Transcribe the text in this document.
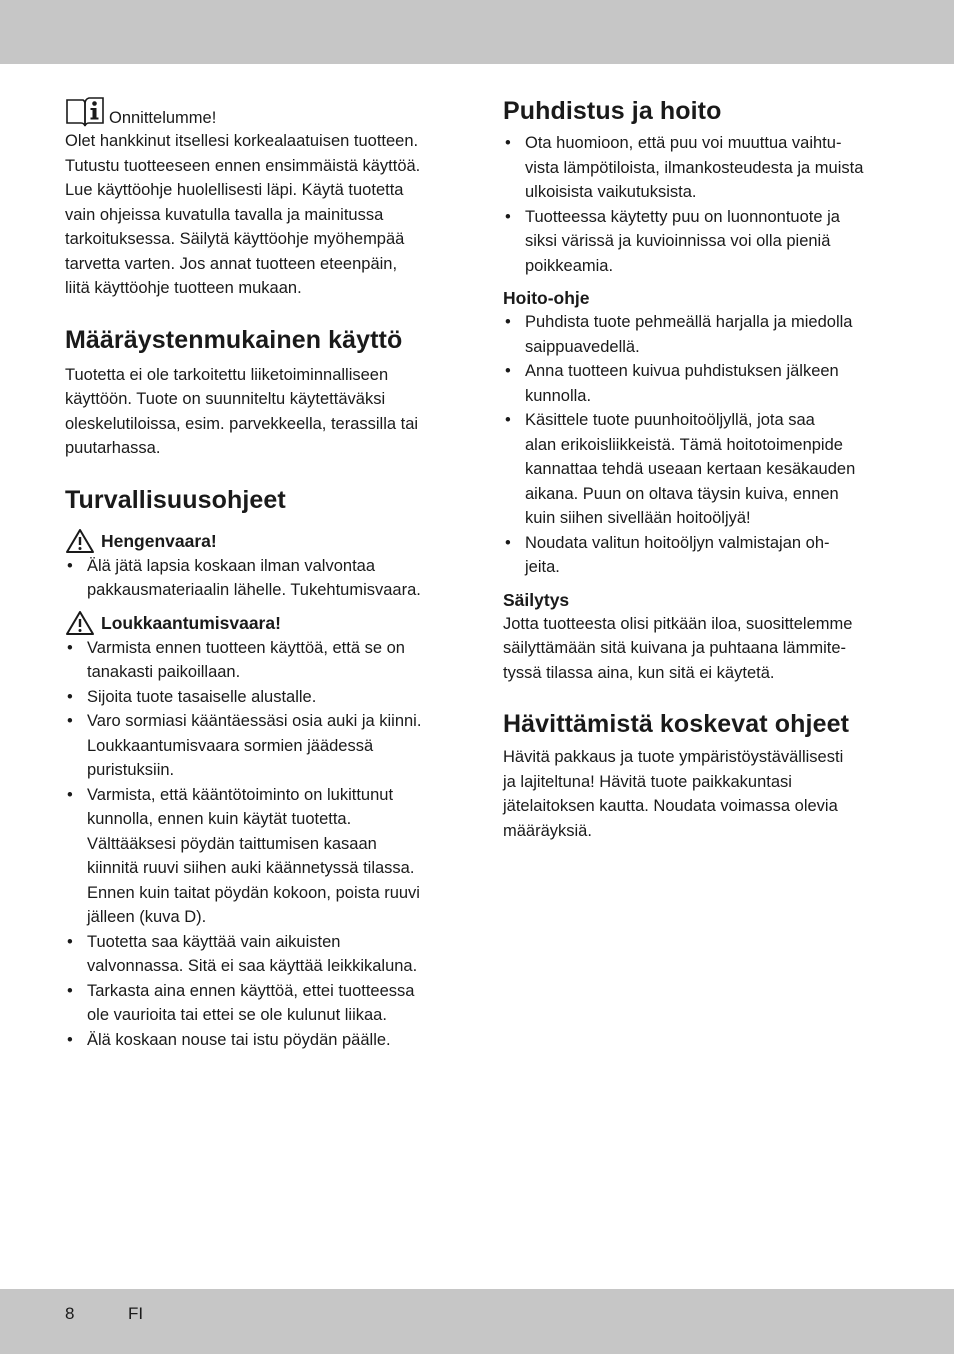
Onnittelumme!

Olet hankkinut itsellesi korkealaatuisen tuotteen.

Tutustu tuotteeseen ennen ensimmäistä käyttöä.

Lue käyttöohje huolellisesti läpi. Käytä tuotetta

vain ohjeissa kuvatulla tavalla ja mainitussa

tarkoituksessa. Säilytä käyttöohje myöhempää

tarvetta varten. Jos annat tuotteen eteenpäin,

liitä käyttöohje tuotteen mukaan.

Määräystenmukainen käyttö

Tuotetta ei ole tarkoitettu liiketoiminnalliseen

käyttöön. Tuote on suunniteltu käytettäväksi

oleskelutiloissa, esim. parvekkeella, terassilla tai

puutarhassa.

Turvallisuusohjeet
Hengenvaara!
• Älä jätä lapsia koskaan ilman valvontaa
pakkausmateriaalin lähelle. Tukehtumisvaara.
Loukkaantumisvaara!
• Varmista ennen tuotteen käyttöä, että se on
tanakasti paikoillaan.
• Sijoita tuote tasaiselle alustalle.
• Varo sormiasi kääntäessäsi osia auki ja kiinni.
Loukkaantumisvaara sormien jäädessä
puristuksiin.
• Varmista, että kääntötoiminto on lukittunut
kunnolla, ennen kuin käytät tuotetta.
Välttääksesi pöydän taittumisen kasaan
kiinnitä ruuvi siihen auki käännetyssä tilassa.
Ennen kuin taitat pöydän kokoon, poista ruuvi
jälleen (kuva D).
• Tuotetta saa käyttää vain aikuisten
valvonnassa. Sitä ei saa käyttää leikkikaluna.
• Tarkasta aina ennen käyttöä, ettei tuotteessa
ole vaurioita tai ettei se ole kulunut liikaa.
• Älä koskaan nouse tai istu pöydän päälle.
Puhdistus ja hoito
• Ota huomioon, että puu voi muuttua vaihtu-
vista lämpötiloista, ilmankosteudesta ja muista
ulkoisista vaikutuksista.
• Tuotteessa käytetty puu on luonnontuote ja
siksi värissä ja kuvioinnissa voi olla pieniä
poikkeamia.
Hoito-ohje
• Puhdista tuote pehmeällä harjalla ja miedolla
saippuavedellä.
• Anna tuotteen kuivua puhdistuksen jälkeen
kunnolla.
• Käsittele tuote puunhoitoöljyllä, jota saa
alan erikoisliikkeistä. Tämä hoitotoimenpide
kannattaa tehdä useaan kertaan kesäkauden
aikana. Puun on oltava täysin kuiva, ennen
kuin siihen sivellään hoitoöljyä!
• Noudata valitun hoitoöljyn valmistajan oh-
jeita.
Säilytys

Jotta tuotteesta olisi pitkään iloa, suosittelemme

säilyttämään sitä kuivana ja puhtaana lämmite-

tyssä tilassa aina, kun sitä ei käytetä.

Hävittämistä koskevat ohjeet

Hävitä pakkaus ja tuote ympäristöystävällisesti

ja lajiteltuna! Hävitä tuote paikkakuntasi

jätelaitoksen kautta. Noudata voimassa olevia

määräyksiä.

8	FI
